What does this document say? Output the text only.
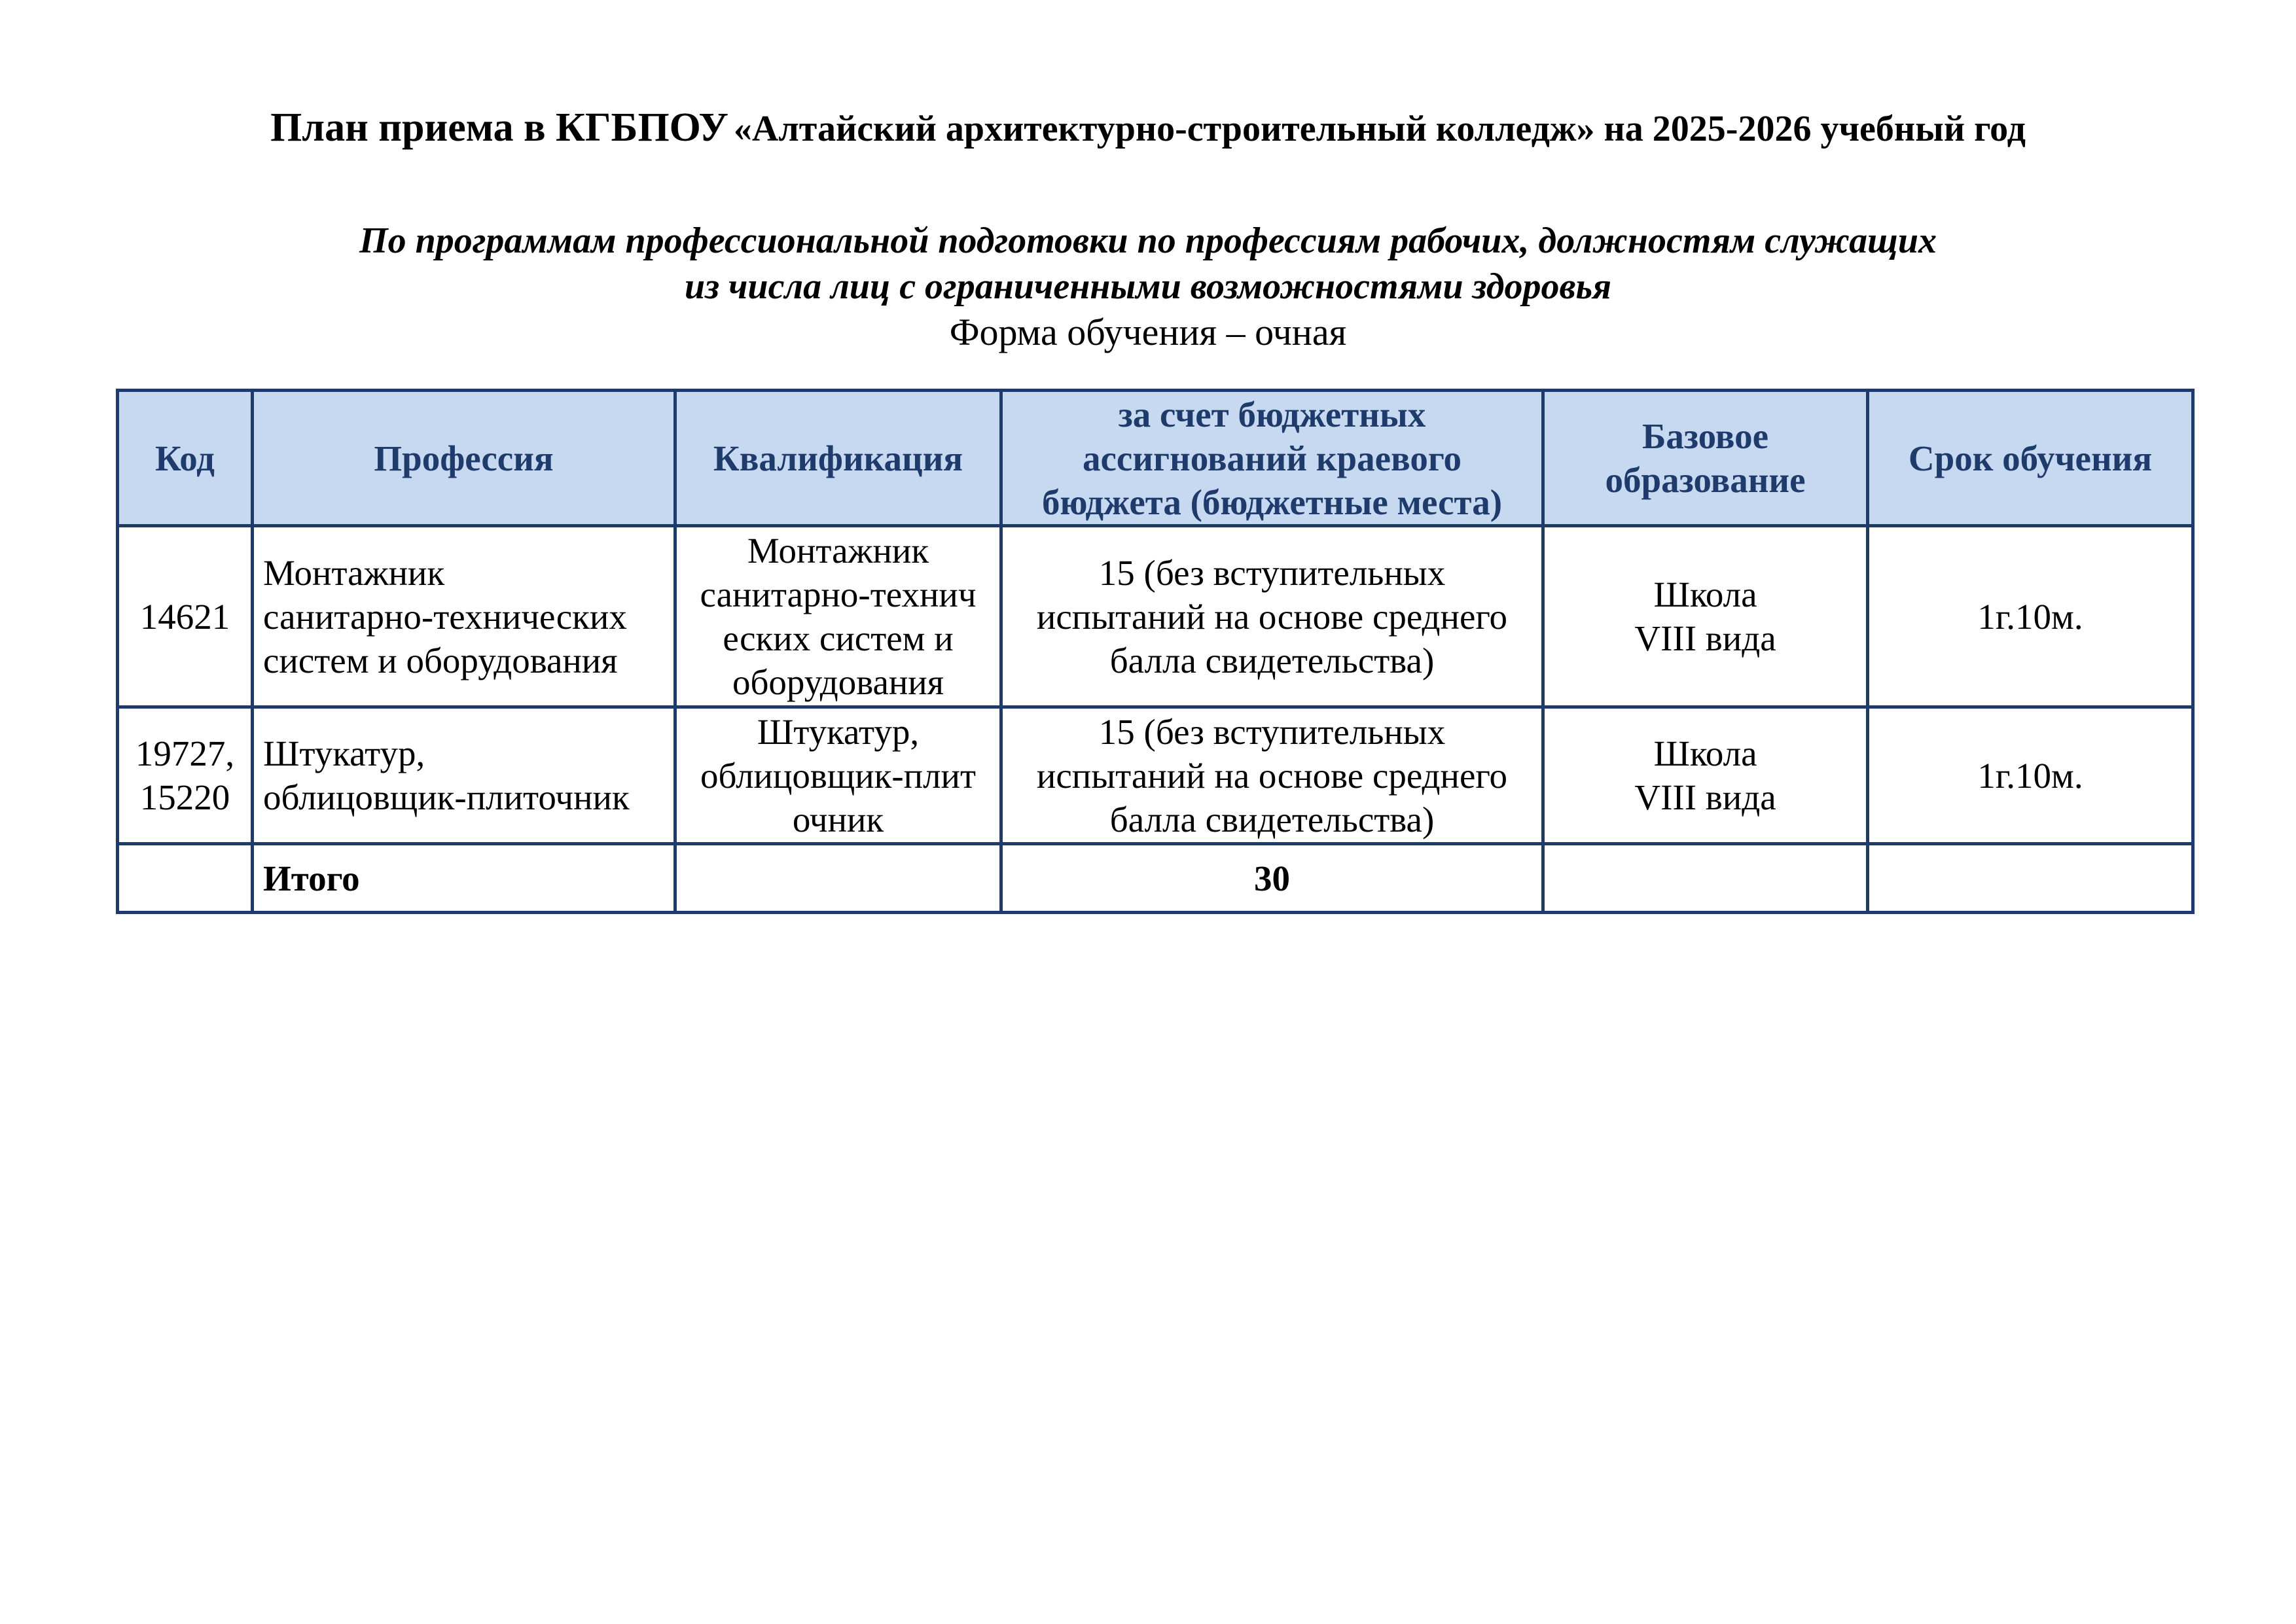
План приема в КГБПОУ «Алтайский архитектурно-строительный колледж» на 2025-2026 учебный год
По программам профессиональной подготовки по профессиям рабочих, должностям служащих
из числа лиц с ограниченными возможностями здоровья
Форма обучения – очная
Код	Профессия	Квалификация	за счет бюджетных
ассигнований краевого
бюджета (бюджетные места)	Базовое
образование	Срок обучения

14621	Монтажник
санитарно-технических
систем и оборудования	Монтажник
санитарно-технич
еских систем и
оборудования	15 (без вступительных
испытаний на основе среднего
балла свидетельства)	Школа
VIII вида	1г.10м.

19727,
15220	Штукатур,
облицовщик-плиточник	Штукатур,
облицовщик-плит
очник	15 (без вступительных
испытаний на основе среднего
балла свидетельства)	Школа
VIII вида	1г.10м.
	Итого		30		
